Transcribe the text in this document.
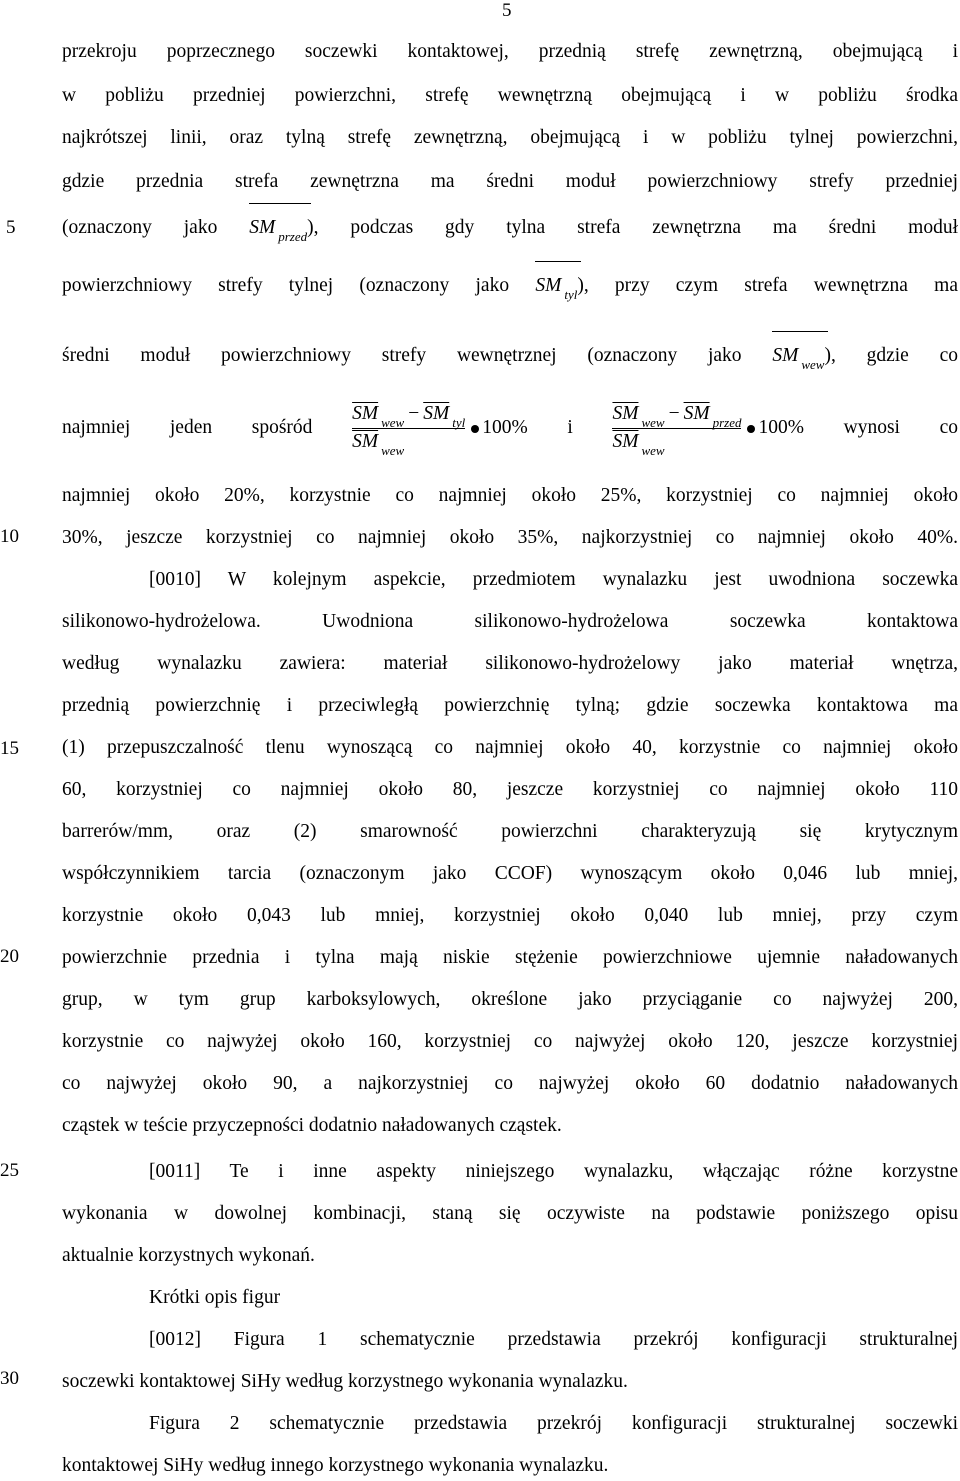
5
5
10
15
20
25
30
przekroju poprzecznego soczewki kontaktowej, przednią strefę zewnętrzną, obejmującą i
w pobliżu przedniej powierzchni, strefę wewnętrzną obejmującą i w pobliżu środka
najkrótszej linii, oraz tylną strefę zewnętrzną, obejmującą i w pobliżu tylnej powierzchni,
gdzie przednia strefa zewnętrzna ma średni moduł powierzchniowy strefy przedniej
(oznaczony jako SM $_{przed}$), podczas gdy tylna strefa zewnętrzna ma średni moduł
powierzchniowy strefy tylnej (oznaczony jako SM $_{tyl}$), przy czym strefa wewnętrzna ma
średni moduł powierzchniowy strefy wewnętrznej (oznaczony jako SM $_{wew}$), gdzie co
najmniej jeden spośród $\frac{\overline{SM} _{wew} - \overline{SM} _{tyl}}{\overline{SM} _{wew}} 100\%$ i $\frac{\overline{SM} _{wew} - \overline{SM} _{przed}}{\overline{SM} _{wew}} 100\%$ wynosi co
najmniej około 20%, korzystnie co najmniej około 25%, korzystniej co najmniej około
30%, jeszcze korzystniej co najmniej około 35%, najkorzystniej co najmniej około 40%.
[0010] W kolejnym aspekcie, przedmiotem wynalazku jest uwodniona soczewka
silikonowo-hydrożelowa. Uwodniona silikonowo-hydrożelowa soczewka kontaktowa
według wynalazku zawiera: materiał silikonowo-hydrożelowy jako materiał wnętrza,
przednią powierzchnię i przeciwległą powierzchnię tylną; gdzie soczewka kontaktowa ma
(1) przepuszczalność tlenu wynoszącą co najmniej około 40, korzystnie co najmniej około
60, korzystniej co najmniej około 80, jeszcze korzystniej co najmniej około 110
barrerów/mm, oraz (2) smarowność powierzchni charakteryzują się krytycznym
współczynnikiem tarcia (oznaczonym jako CCOF) wynoszącym około 0,046 lub mniej,
korzystnie około 0,043 lub mniej, korzystniej około 0,040 lub mniej, przy czym
powierzchnie przednia i tylna mają niskie stężenie powierzchniowe ujemnie naładowanych
grup, w tym grup karboksylowych, określone jako przyciąganie co najwyżej 200,
korzystnie co najwyżej około 160, korzystniej co najwyżej około 120, jeszcze korzystniej
co najwyżej około 90, a najkorzystniej co najwyżej około 60 dodatnio naładowanych
cząstek w teście przyczepności dodatnio naładowanych cząstek.
[0011] Te i inne aspekty niniejszego wynalazku, włączając różne korzystne
wykonania w dowolnej kombinacji, staną się oczywiste na podstawie poniższego opisu
aktualnie korzystnych wykonań.
Krótki opis figur
[0012] Figura 1 schematycznie przedstawia przekrój konfiguracji strukturalnej
soczewki kontaktowej SiHy według korzystnego wykonania wynalazku.
Figura 2 schematycznie przedstawia przekrój konfiguracji strukturalnej soczewki
kontaktowej SiHy według innego korzystnego wykonania wynalazku.
